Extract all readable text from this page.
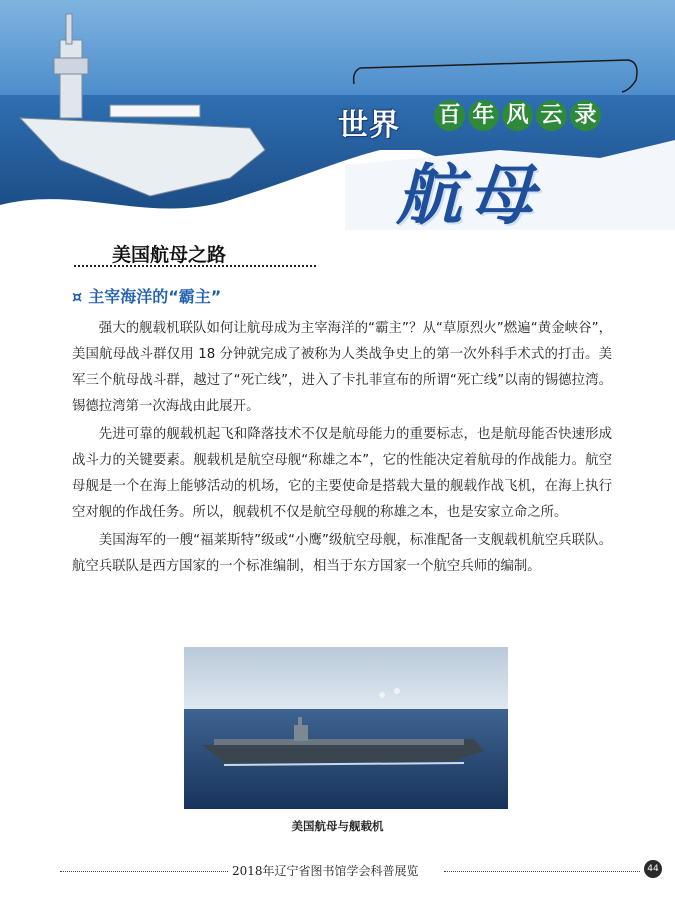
世界 百 年 风 云 录
航母
美国航母之路
¤ 主宰海洋的“霸主”

强大的舰载机联队如何让航母成为主宰海洋的“霸主”？从“草原烈火”燃遍“黄金峡谷”，美国航母战斗群仅用 18 分钟就完成了被称为人类战争史上的第一次外科手术式的打击。美军三个航母战斗群，越过了“死亡线”，进入了卡扎菲宣布的所谓“死亡线”以南的锡德拉湾。锡德拉湾第一次海战由此展开。

先进可靠的舰载机起飞和降落技术不仅是航母能力的重要标志，也是航母能否快速形成战斗力的关键要素。舰载机是航空母舰“称雄之本”，它的性能决定着航母的作战能力。航空母舰是一个在海上能够活动的机场，它的主要使命是搭载大量的舰载作战飞机，在海上执行空对舰的作战任务。所以，舰载机不仅是航空母舰的称雄之本，也是安家立命之所。

美国海军的一艘“福莱斯特”级或“小鹰”级航空母舰，标准配备一支舰载机航空兵联队。航空兵联队是西方国家的一个标准编制，相当于东方国家一个航空兵师的编制。

美国航母与舰载机
2018年辽宁省图书馆学会科普展览	44
